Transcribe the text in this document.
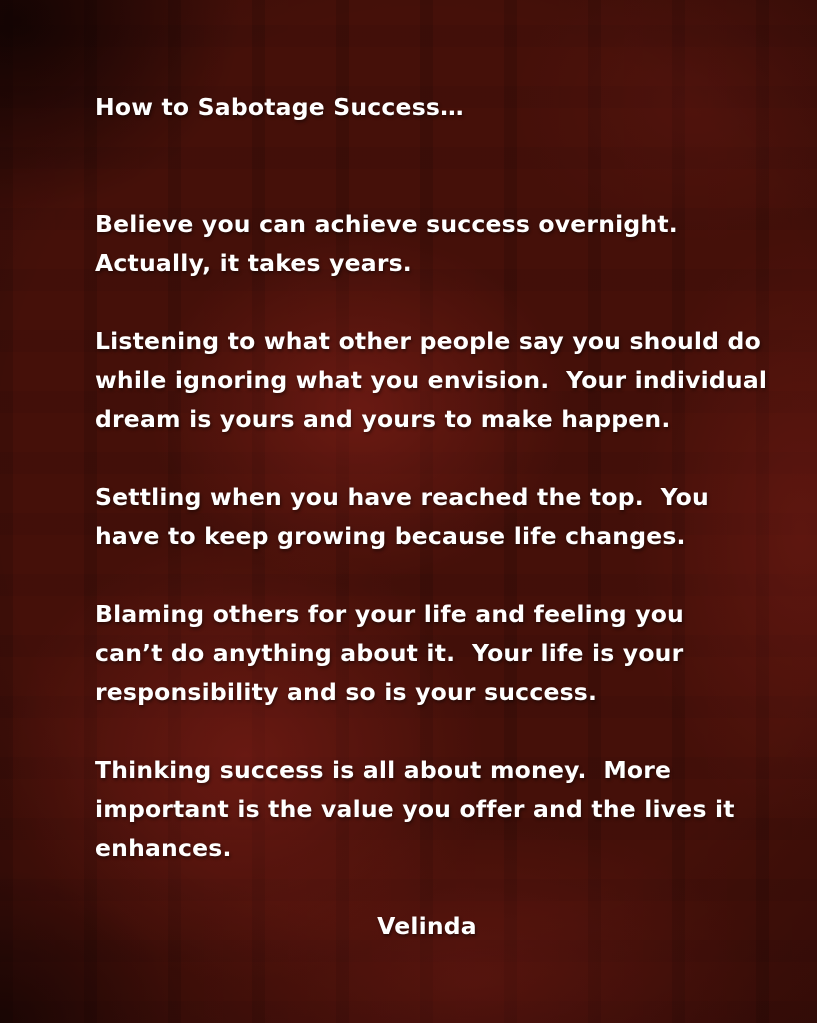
How to Sabotage Success…
Believe you can achieve success overnight.
Actually, it takes years.
Listening to what other people say you should do
while ignoring what you envision.  Your individual
dream is yours and yours to make happen.
Settling when you have reached the top.  You
have to keep growing because life changes.
Blaming others for your life and feeling you
can’t do anything about it.  Your life is your
responsibility and so is your success.
Thinking success is all about money.  More
important is the value you offer and the lives it
enhances.
Velinda
